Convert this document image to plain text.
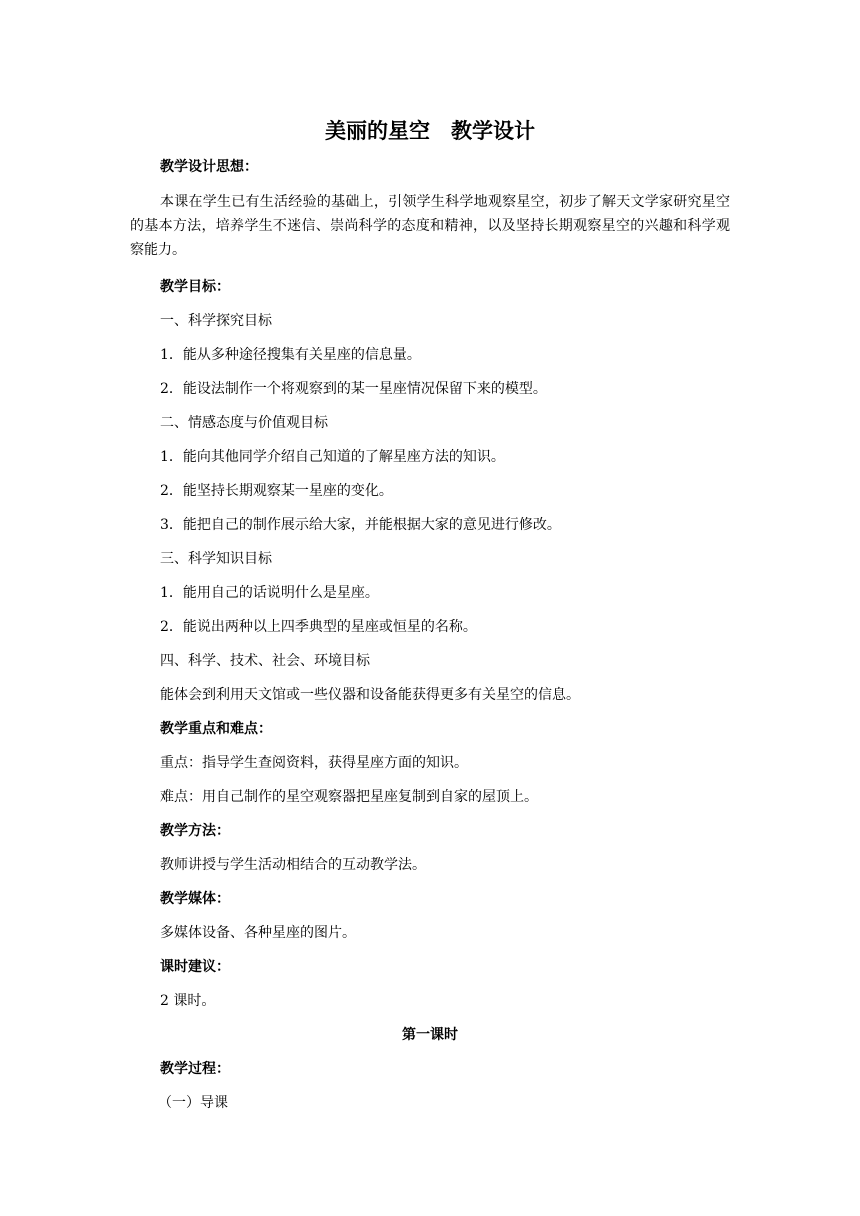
美丽的星空　教学设计

教学设计思想：

本课在学生已有生活经验的基础上，引领学生科学地观察星空，初步了解天文学家研究星空的基本方法，培养学生不迷信、崇尚科学的态度和精神，以及坚持长期观察星空的兴趣和科学观察能力。

教学目标：

一、科学探究目标

1．能从多种途径搜集有关星座的信息量。

2．能设法制作一个将观察到的某一星座情况保留下来的模型。

二、情感态度与价值观目标

1．能向其他同学介绍自己知道的了解星座方法的知识。

2．能坚持长期观察某一星座的变化。

3．能把自己的制作展示给大家，并能根据大家的意见进行修改。

三、科学知识目标

1．能用自己的话说明什么是星座。

2．能说出两种以上四季典型的星座或恒星的名称。

四、科学、技术、社会、环境目标

能体会到利用天文馆或一些仪器和设备能获得更多有关星空的信息。

教学重点和难点：

重点：指导学生查阅资料，获得星座方面的知识。

难点：用自己制作的星空观察器把星座复制到自家的屋顶上。

教学方法：

教师讲授与学生活动相结合的互动教学法。

教学媒体：

多媒体设备、各种星座的图片。

课时建议：

2 课时。

第一课时

教学过程：

（一）导课
